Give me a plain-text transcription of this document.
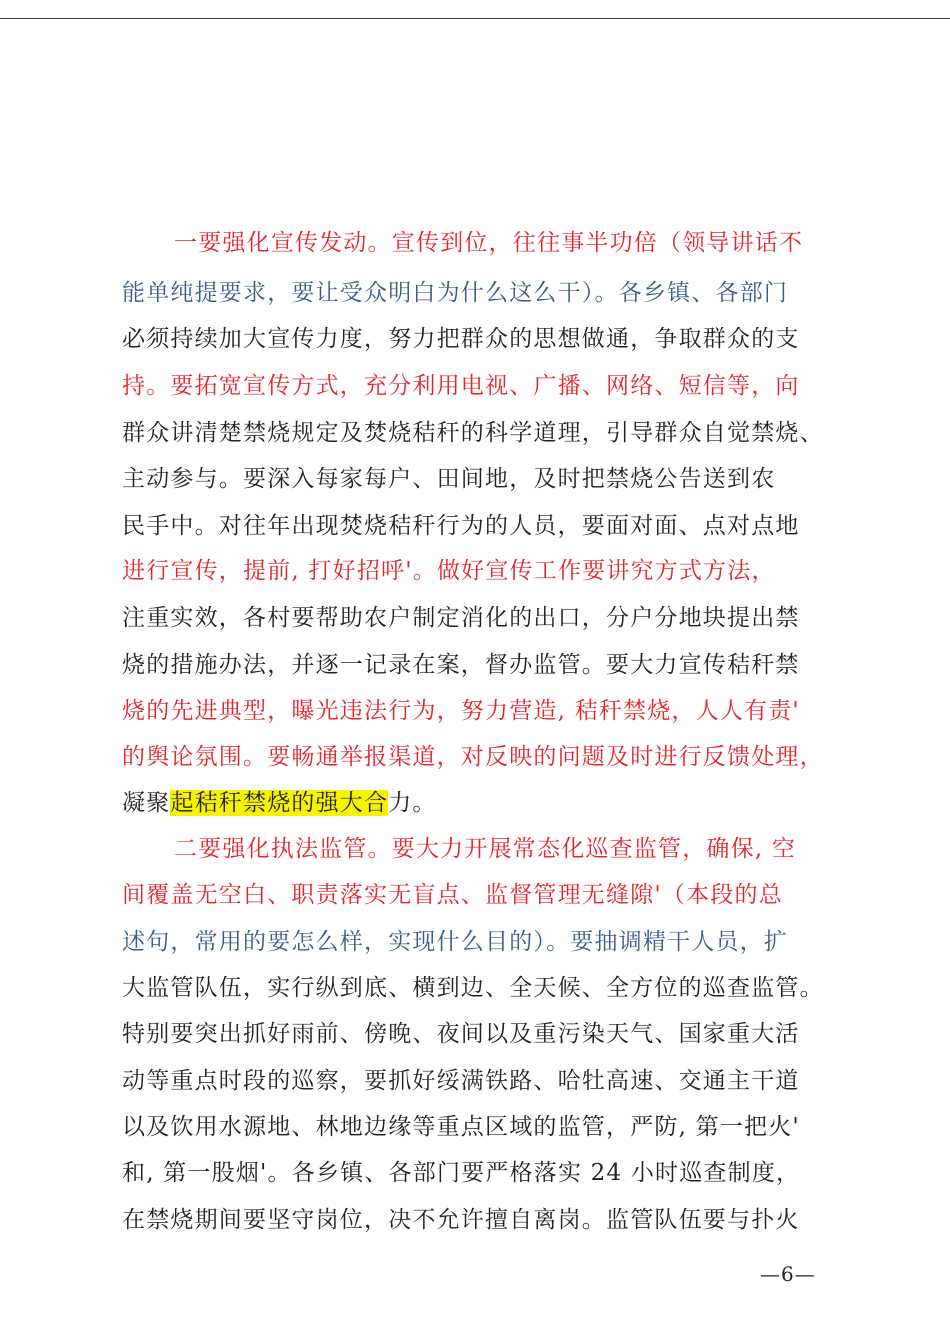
一要强化宣传发动。宣传到位，往往事半功倍（领导讲话不
能单纯提要求，要让受众明白为什么这么干）。各乡镇、各部门
必须持续加大宣传力度，努力把群众的思想做通，争取群众的支
持。要拓宽宣传方式，充分利用电视、广播、网络、短信等，向
群众讲清楚禁烧规定及焚烧秸秆的科学道理，引导群众自觉禁烧、
主动参与。要深入每家每户、田间地，及时把禁烧公告送到农
民手中。对往年出现焚烧秸秆行为的人员，要面对面、点对点地
进行宣传，提前, 打好招呼'。做好宣传工作要讲究方式方法，
注重实效，各村要帮助农户制定消化的出口，分户分地块提出禁
烧的措施办法，并逐一记录在案，督办监管。要大力宣传秸秆禁
烧的先进典型，曝光违法行为，努力营造, 秸秆禁烧，人人有责'
的舆论氛围。要畅通举报渠道，对反映的问题及时进行反馈处理，
凝聚起秸秆禁烧的强大合力。
二要强化执法监管。要大力开展常态化巡查监管，确保, 空
间覆盖无空白、职责落实无盲点、监督管理无缝隙'（本段的总
述句，常用的要怎么样，实现什么目的）。要抽调精干人员，扩
大监管队伍，实行纵到底、横到边、全天候、全方位的巡查监管。
特别要突出抓好雨前、傍晚、夜间以及重污染天气、国家重大活
动等重点时段的巡察，要抓好绥满铁路、哈牡高速、交通主干道
以及饮用水源地、林地边缘等重点区域的监管，严防, 第一把火'
和, 第一股烟'。各乡镇、各部门要严格落实 24 小时巡查制度，
在禁烧期间要坚守岗位，决不允许擅自离岗。监管队伍要与扑火
—6—
